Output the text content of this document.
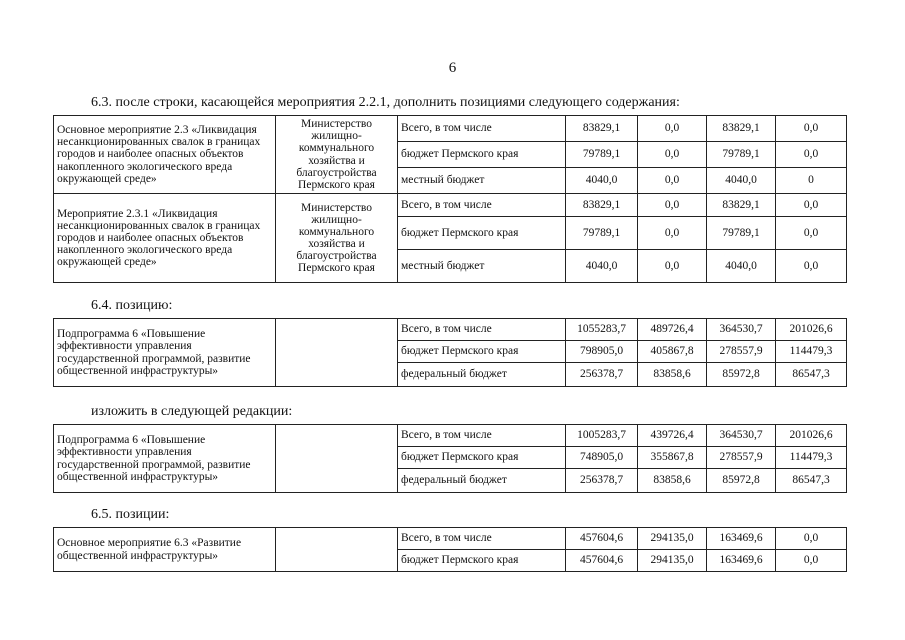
6
6.3. после строки, касающейся мероприятия 2.2.1, дополнить позициями следующего содержания:
Основное мероприятие 2.3 «Ликвидация несанкционированных свалок в границах городов и наиболее опасных объектов накопленного экологического вреда окружающей среде»	Министерство жилищно-коммунального хозяйства и благоустройства Пермского края	Всего, в том числе	83829,1	0,0	83829,1	0,0
		бюджет Пермского края	79789,1	0,0	79789,1	0,0
		местный бюджет	4040,0	0,0	4040,0	0
Мероприятие 2.3.1 «Ликвидация несанкционированных свалок в границах городов и наиболее опасных объектов накопленного экологического вреда окружающей среде»	Министерство жилищно-коммунального хозяйства и благоустройства Пермского края	Всего, в том числе	83829,1	0,0	83829,1	0,0
		бюджет Пермского края	79789,1	0,0	79789,1	0,0
		местный бюджет	4040,0	0,0	4040,0	0,0
6.4. позицию:
Подпрограмма 6 «Повышение эффективности управления государственной программой, развитие общественной инфраструктуры»		Всего, в том числе	1055283,7	489726,4	364530,7	201026,6
		бюджет Пермского края	798905,0	405867,8	278557,9	114479,3
		федеральный бюджет	256378,7	83858,6	85972,8	86547,3
изложить в следующей редакции:
Подпрограмма 6 «Повышение эффективности управления государственной программой, развитие общественной инфраструктуры»		Всего, в том числе	1005283,7	439726,4	364530,7	201026,6
		бюджет Пермского края	748905,0	355867,8	278557,9	114479,3
		федеральный бюджет	256378,7	83858,6	85972,8	86547,3
6.5. позиции:
Основное мероприятие 6.3 «Развитие общественной инфраструктуры»		Всего, в том числе	457604,6	294135,0	163469,6	0,0
		бюджет Пермского края	457604,6	294135,0	163469,6	0,0
